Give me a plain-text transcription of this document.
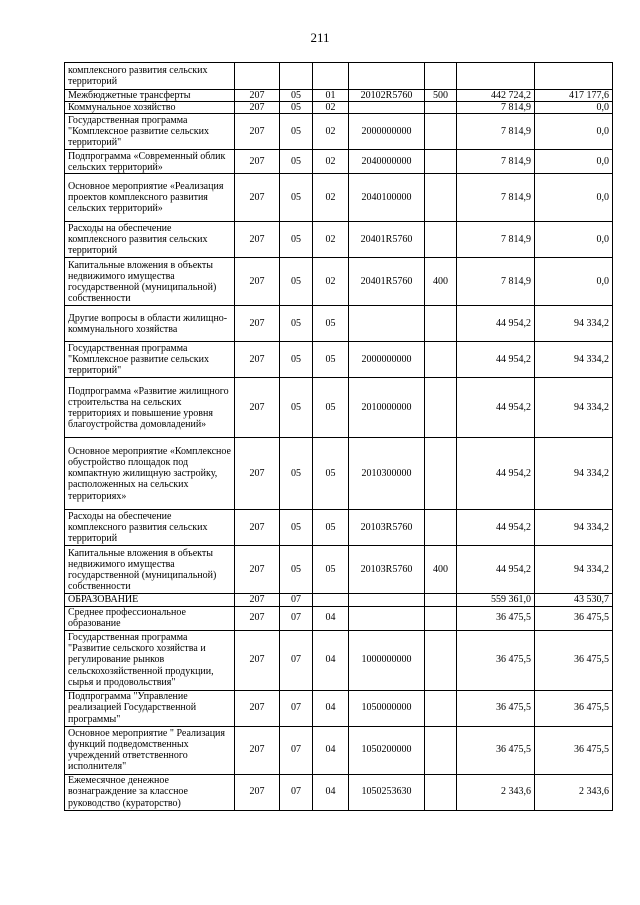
211
комплексного развития сельских территорий							
Межбюджетные трансферты	207	05	01	20102R5760	500	442 724,2	417 177,6
Коммунальное хозяйство	207	05	02			7 814,9	0,0
Государственная программа "Комплексное развитие сельских территорий"	207	05	02	2000000000		7 814,9	0,0
Подпрограмма «Современный облик сельских территорий»	207	05	02	2040000000		7 814,9	0,0
Основное мероприятие «Реализация проектов комплексного развития сельских территорий»	207	05	02	2040100000		7 814,9	0,0
Расходы на обеспечение комплексного развития сельских территорий	207	05	02	20401R5760		7 814,9	0,0
Капитальные вложения в объекты недвижимого имущества государственной (муниципальной) собственности	207	05	02	20401R5760	400	7 814,9	0,0
Другие вопросы в области жилищно-коммунального хозяйства	207	05	05			44 954,2	94 334,2
Государственная программа "Комплексное развитие сельских территорий"	207	05	05	2000000000		44 954,2	94 334,2
Подпрограмма «Развитие жилищного строительства на сельских территориях и повышение уровня благоустройства домовладений»	207	05	05	2010000000		44 954,2	94 334,2
Основное мероприятие «Комплексное обустройство площадок под компактную жилищную застройку, расположенных на сельских территориях»	207	05	05	2010300000		44 954,2	94 334,2
Расходы на обеспечение комплексного развития сельских территорий	207	05	05	20103R5760		44 954,2	94 334,2
Капитальные вложения в объекты недвижимого имущества государственной (муниципальной) собственности	207	05	05	20103R5760	400	44 954,2	94 334,2
ОБРАЗОВАНИЕ	207	07				559 361,0	43 530,7
Среднее профессиональное образование	207	07	04			36 475,5	36 475,5
Государственная программа "Развитие сельского хозяйства и регулирование рынков сельскохозяйственной продукции, сырья и продовольствия"	207	07	04	1000000000		36 475,5	36 475,5
Подпрограмма "Управление реализацией Государственной программы"	207	07	04	1050000000		36 475,5	36 475,5
Основное мероприятие " Реализация функций подведомственных учреждений ответственного исполнителя"	207	07	04	1050200000		36 475,5	36 475,5
Ежемесячное денежное вознаграждение за классное руководство (кураторство)	207	07	04	1050253630		2 343,6	2 343,6
